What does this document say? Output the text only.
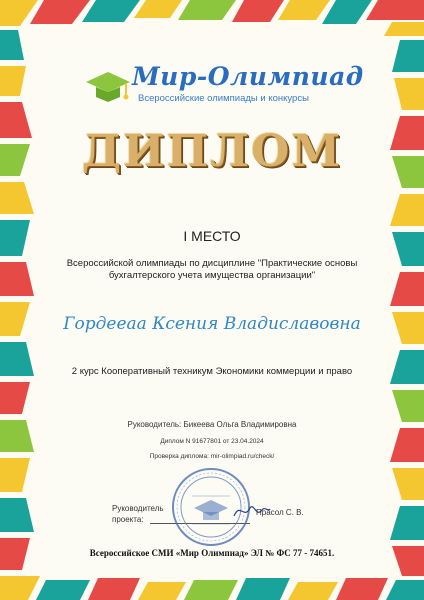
Мир-Олимпиад
Всероссийские олимпиады и конкурсы
ДИПЛОМ
I МЕСТО
Всероссийской олимпиады по дисциплине "Практические основы бухгалтерского учета имущества организации"
Гордееаа Ксения Владиславовна
2 курс Кооперативный техникум Экономики коммерции и право
Руководитель: Бикеева Ольга Владимировна
Диплом N 91677801 от 23.04.2024
Проверка диплома: mir-olimpiad.ru/check/
Руководитель проекта:
Прасол С. В.
Всероссийское СМИ «Мир Олимпиад» ЭЛ № ФС 77 - 74651.
